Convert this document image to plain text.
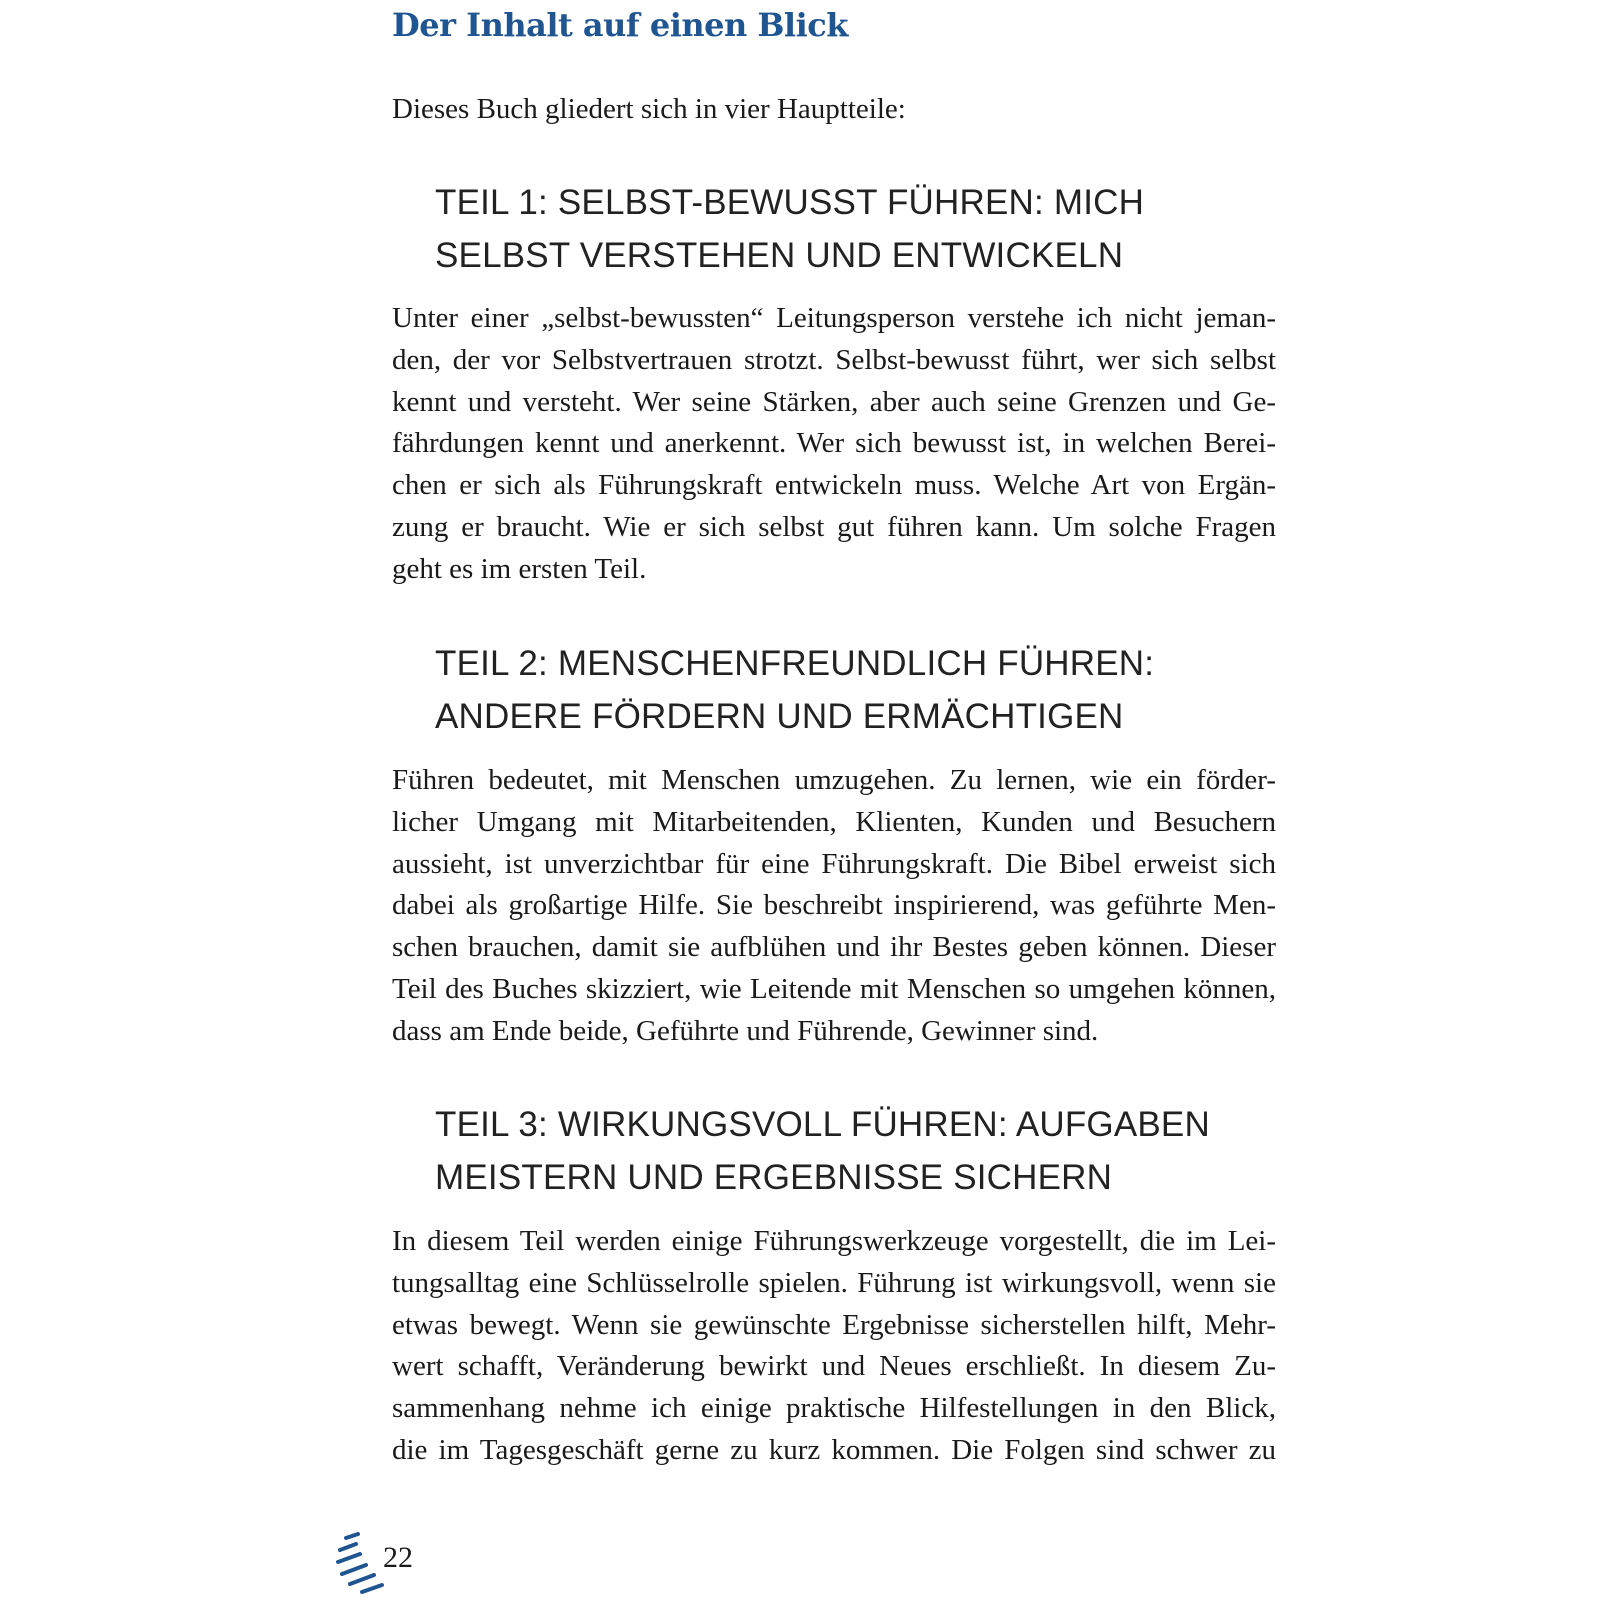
Der Inhalt auf einen Blick
Dieses Buch gliedert sich in vier Hauptteile:
TEIL 1: SELBST-BEWUSST FÜHREN: MICH
SELBST VERSTEHEN UND ENTWICKELN

Unter einer „selbst-bewussten“ Leitungsperson verstehe ich nicht jeman-
den, der vor Selbstvertrauen strotzt. Selbst-bewusst führt, wer sich selbst
kennt und versteht. Wer seine Stärken, aber auch seine Grenzen und Ge-
fährdungen kennt und anerkennt. Wer sich bewusst ist, in welchen Berei-
chen er sich als Führungskraft entwickeln muss. Welche Art von Ergän-
zung er braucht. Wie er sich selbst gut führen kann. Um solche Fragen
geht es im ersten Teil.

TEIL 2: MENSCHENFREUNDLICH FÜHREN:
ANDERE FÖRDERN UND ERMÄCHTIGEN

Führen bedeutet, mit Menschen umzugehen. Zu lernen, wie ein förder-
licher Umgang mit Mitarbeitenden, Klienten, Kunden und Besuchern
aussieht, ist unverzichtbar für eine Führungskraft. Die Bibel erweist sich
dabei als großartige Hilfe. Sie beschreibt inspirierend, was geführte Men-
schen brauchen, damit sie aufblühen und ihr Bestes geben können. Dieser
Teil des Buches skizziert, wie Leitende mit Menschen so umgehen können,
dass am Ende beide, Geführte und Führende, Gewinner sind.

TEIL 3: WIRKUNGSVOLL FÜHREN: AUFGABEN
MEISTERN UND ERGEBNISSE SICHERN

In diesem Teil werden einige Führungswerkzeuge vorgestellt, die im Lei-
tungsalltag eine Schlüsselrolle spielen. Führung ist wirkungsvoll, wenn sie
etwas bewegt. Wenn sie gewünschte Ergebnisse sicherstellen hilft, Mehr-
wert schafft, Veränderung bewirkt und Neues erschließt. In diesem Zu-
sammenhang nehme ich einige praktische Hilfestellungen in den Blick,
die im Tagesgeschäft gerne zu kurz kommen. Die Folgen sind schwer zu

22
